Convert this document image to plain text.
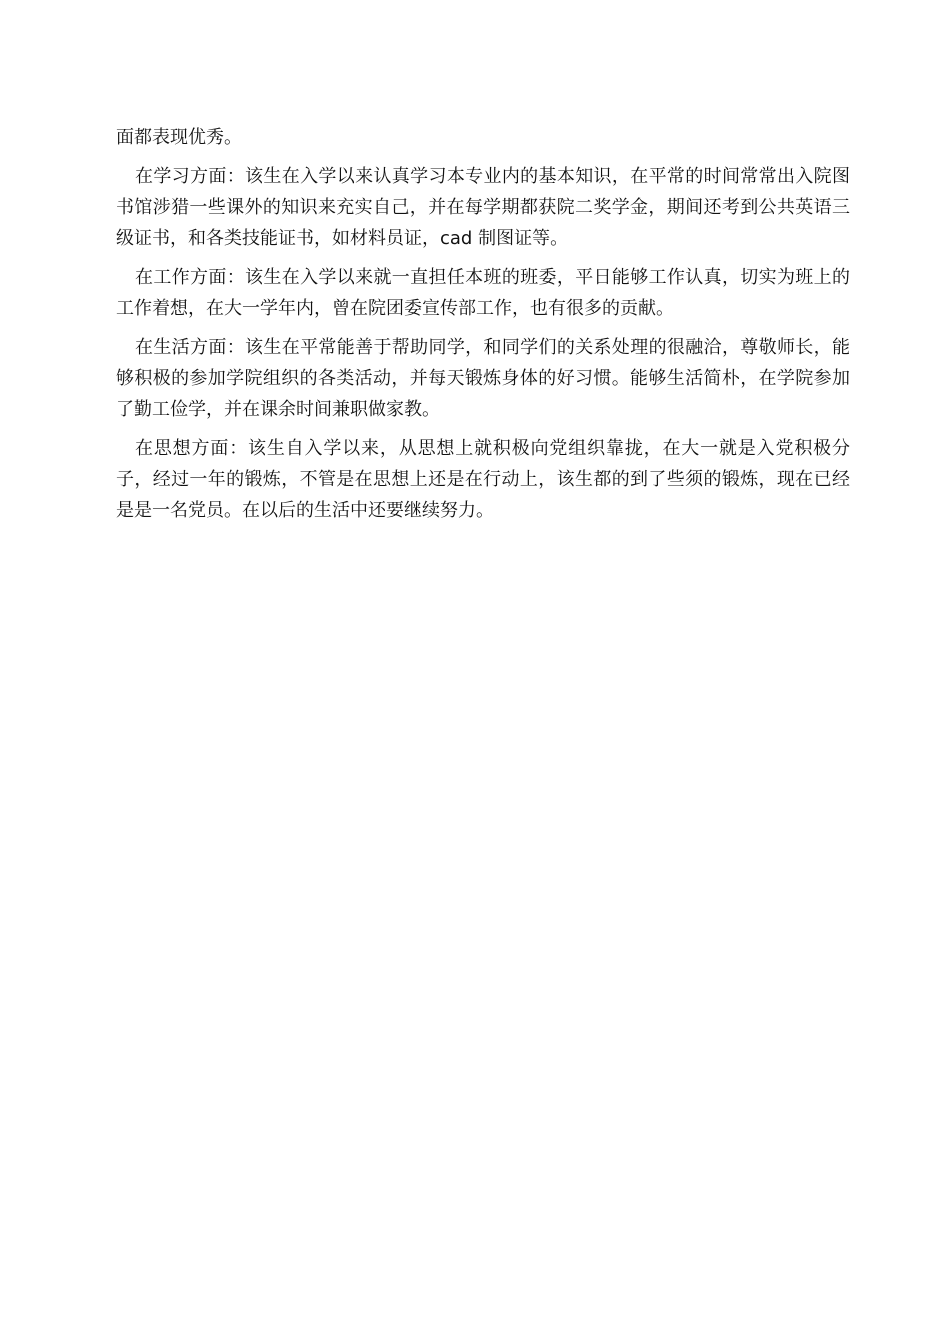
面都表现优秀。

在学习方面：该生在入学以来认真学习本专业内的基本知识，在平常的时间常常出入院图书馆涉猎一些课外的知识来充实自己，并在每学期都获院二奖学金，期间还考到公共英语三级证书，和各类技能证书，如材料员证，cad 制图证等。

在工作方面：该生在入学以来就一直担任本班的班委，平日能够工作认真，切实为班上的工作着想，在大一学年内，曾在院团委宣传部工作，也有很多的贡献。

在生活方面：该生在平常能善于帮助同学，和同学们的关系处理的很融洽，尊敬师长，能够积极的参加学院组织的各类活动，并每天锻炼身体的好习惯。能够生活简朴，在学院参加了勤工俭学，并在课余时间兼职做家教。

在思想方面：该生自入学以来，从思想上就积极向党组织靠拢，在大一就是入党积极分子，经过一年的锻炼，不管是在思想上还是在行动上，该生都的到了些须的锻炼，现在已经是是一名党员。在以后的生活中还要继续努力。
